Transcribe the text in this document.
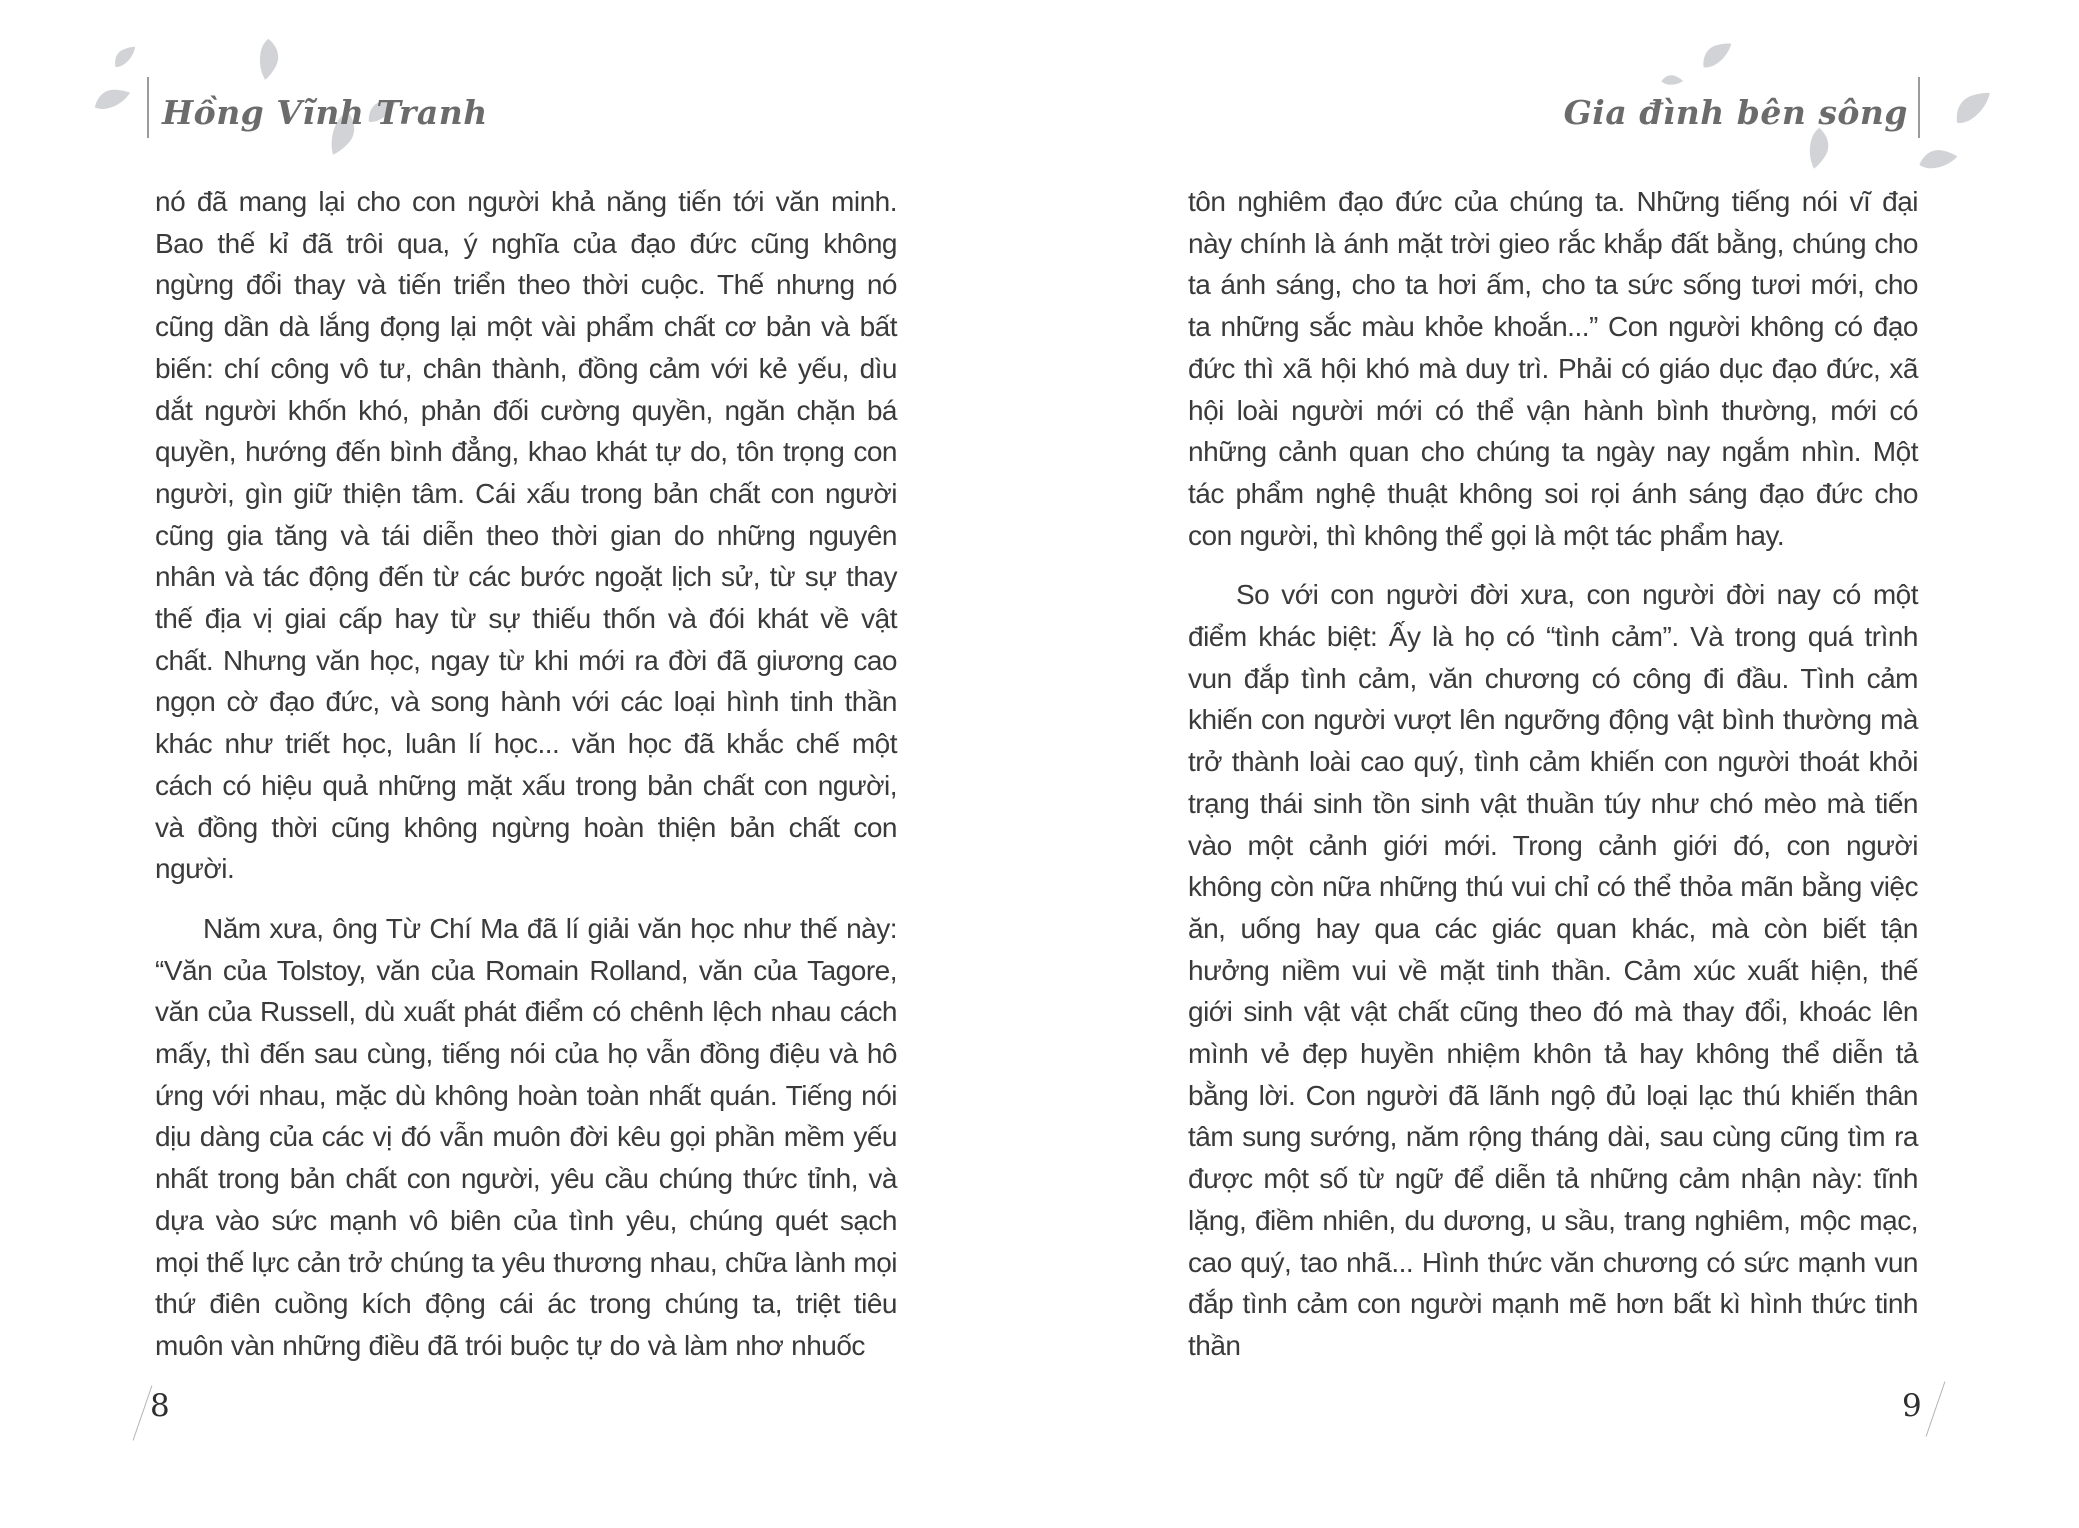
Hồng Vĩnh Tranh	Gia đình bên sông

nó đã mang lại cho con người khả năng tiến tới văn minh. Bao thế kỉ đã trôi qua, ý nghĩa của đạo đức cũng không ngừng đổi thay và tiến triển theo thời cuộc. Thế nhưng nó cũng dần dà lắng đọng lại một vài phẩm chất cơ bản và bất biến: chí công vô tư, chân thành, đồng cảm với kẻ yếu, dìu dắt người khốn khó, phản đối cường quyền, ngăn chặn bá quyền, hướng đến bình đẳng, khao khát tự do, tôn trọng con người, gìn giữ thiện tâm. Cái xấu trong bản chất con người cũng gia tăng và tái diễn theo thời gian do những nguyên nhân và tác động đến từ các bước ngoặt lịch sử, từ sự thay thế địa vị giai cấp hay từ sự thiếu thốn và đói khát về vật chất. Nhưng văn học, ngay từ khi mới ra đời đã giương cao ngọn cờ đạo đức, và song hành với các loại hình tinh thần khác như triết học, luân lí học... văn học đã khắc chế một cách có hiệu quả những mặt xấu trong bản chất con người, và đồng thời cũng không ngừng hoàn thiện bản chất con người.

Năm xưa, ông Từ Chí Ma đã lí giải văn học như thế này: “Văn của Tolstoy, văn của Romain Rolland, văn của Tagore, văn của Russell, dù xuất phát điểm có chênh lệch nhau cách mấy, thì đến sau cùng, tiếng nói của họ vẫn đồng điệu và hô ứng với nhau, mặc dù không hoàn toàn nhất quán. Tiếng nói dịu dàng của các vị đó vẫn muôn đời kêu gọi phần mềm yếu nhất trong bản chất con người, yêu cầu chúng thức tỉnh, và dựa vào sức mạnh vô biên của tình yêu, chúng quét sạch mọi thế lực cản trở chúng ta yêu thương nhau, chữa lành mọi thứ điên cuồng kích động cái ác trong chúng ta, triệt tiêu muôn vàn những điều đã trói buộc tự do và làm nhơ nhuốc

tôn nghiêm đạo đức của chúng ta. Những tiếng nói vĩ đại này chính là ánh mặt trời gieo rắc khắp đất bằng, chúng cho ta ánh sáng, cho ta hơi ấm, cho ta sức sống tươi mới, cho ta những sắc màu khỏe khoắn...” Con người không có đạo đức thì xã hội khó mà duy trì. Phải có giáo dục đạo đức, xã hội loài người mới có thể vận hành bình thường, mới có những cảnh quan cho chúng ta ngày nay ngắm nhìn. Một tác phẩm nghệ thuật không soi rọi ánh sáng đạo đức cho con người, thì không thể gọi là một tác phẩm hay.

So với con người đời xưa, con người đời nay có một điểm khác biệt: Ấy là họ có “tình cảm”. Và trong quá trình vun đắp tình cảm, văn chương có công đi đầu. Tình cảm khiến con người vượt lên ngưỡng động vật bình thường mà trở thành loài cao quý, tình cảm khiến con người thoát khỏi trạng thái sinh tồn sinh vật thuần túy như chó mèo mà tiến vào một cảnh giới mới. Trong cảnh giới đó, con người không còn nữa những thú vui chỉ có thể thỏa mãn bằng việc ăn, uống hay qua các giác quan khác, mà còn biết tận hưởng niềm vui về mặt tinh thần. Cảm xúc xuất hiện, thế giới sinh vật vật chất cũng theo đó mà thay đổi, khoác lên mình vẻ đẹp huyền nhiệm khôn tả hay không thể diễn tả bằng lời. Con người đã lãnh ngộ đủ loại lạc thú khiến thân tâm sung sướng, năm rộng tháng dài, sau cùng cũng tìm ra được một số từ ngữ để diễn tả những cảm nhận này: tĩnh lặng, điềm nhiên, du dương, u sầu, trang nghiêm, mộc mạc, cao quý, tao nhã... Hình thức văn chương có sức mạnh vun đắp tình cảm con người mạnh mẽ hơn bất kì hình thức tinh thần

8	9
